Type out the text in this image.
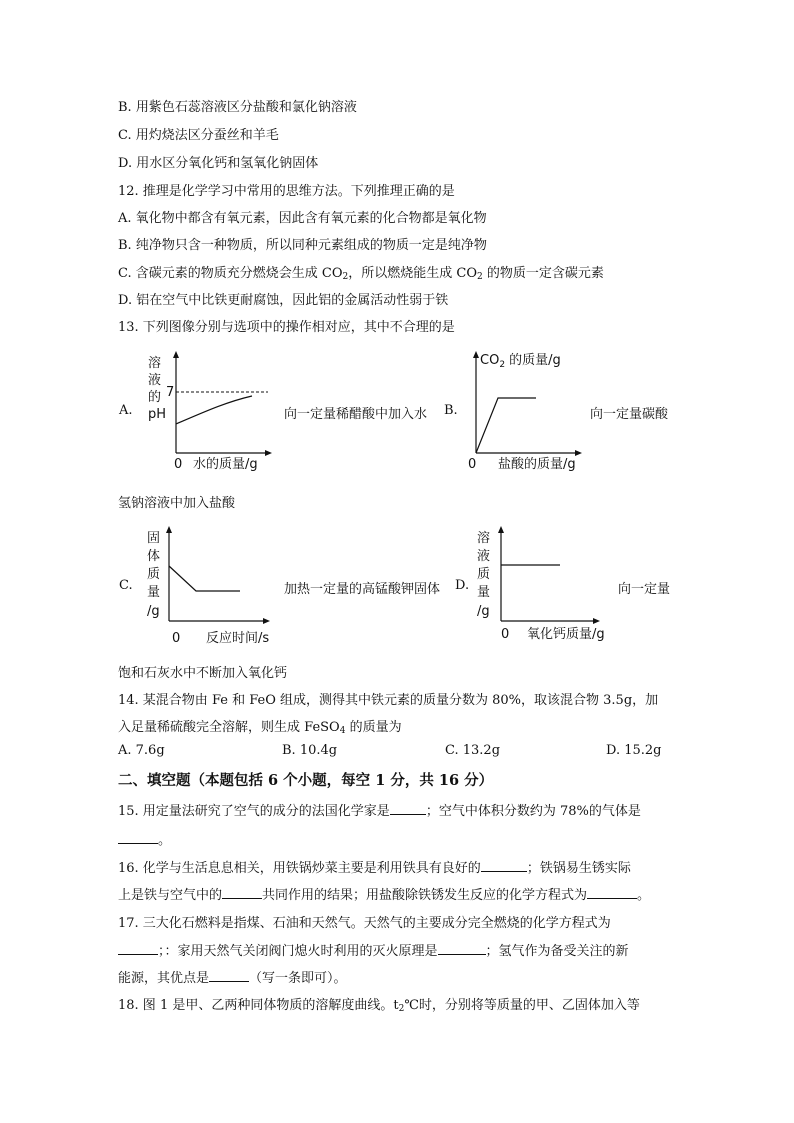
B. 用紫色石蕊溶液区分盐酸和氯化钠溶液
C. 用灼烧法区分蚕丝和羊毛
D. 用水区分氧化钙和氢氧化钠固体
12. 推理是化学学习中常用的思维方法。下列推理正确的是
A. 氧化物中都含有氧元素，因此含有氧元素的化合物都是氧化物
B. 纯净物只含一种物质，所以同种元素组成的物质一定是纯净物
C. 含碳元素的物质充分燃烧会生成 $CO_2$，所以燃烧能生成 $CO_2$ 的物质一定含碳元素
D. 铝在空气中比铁更耐腐蚀，因此铝的金属活动性弱于铁
13. 下列图像分别与选项中的操作相对应，其中不合理的是
A.
溶
液
的
pH
7
0 水的质量/g
向一定量稀醋酸中加入水 B.
$CO_2$ 的质量/g
0 盐酸的质量/g
向一定量碳酸
氢钠溶液中加入盐酸
C.
固
体
质
量
/g
0 反应时间/s
加热一定量的高锰酸钾固体 D.
溶
液
质
量
/g
0 氧化钙质量/g
向一定量
饱和石灰水中不断加入氧化钙
14. 某混合物由 Fe 和 FeO 组成，测得其中铁元素的质量分数为 80%，取该混合物 3.5g，加
入足量稀硫酸完全溶解，则生成 FeSO$_4$ 的质量为
A. 7.6g	B. 10.4g	C. 13.2g	D. 15.2g
二、填空题（本题包括 6 个小题，每空 1 分，共 16 分）
15. 用定量法研究了空气的成分的法国化学家是	；空气中体积分数约为 78%的气体是
。
16. 化学与生活息息相关，用铁锅炒菜主要是利用铁具有良好的	；铁锅易生锈实际
上是铁与空气中的	共同作用的结果；用盐酸除铁锈发生反应的化学方程式为	。
17. 三大化石燃料是指煤、石油和天然气。天然气的主要成分完全燃烧的化学方程式为
；：家用天然气关闭阀门熄火时利用的灭火原理是	；氢气作为备受关注的新
能源，其优点是	（写一条即可）。
18. 图 1 是甲、乙两种同体物质的溶解度曲线。$t_2℃$时，分别将等质量的甲、乙固体加入等
